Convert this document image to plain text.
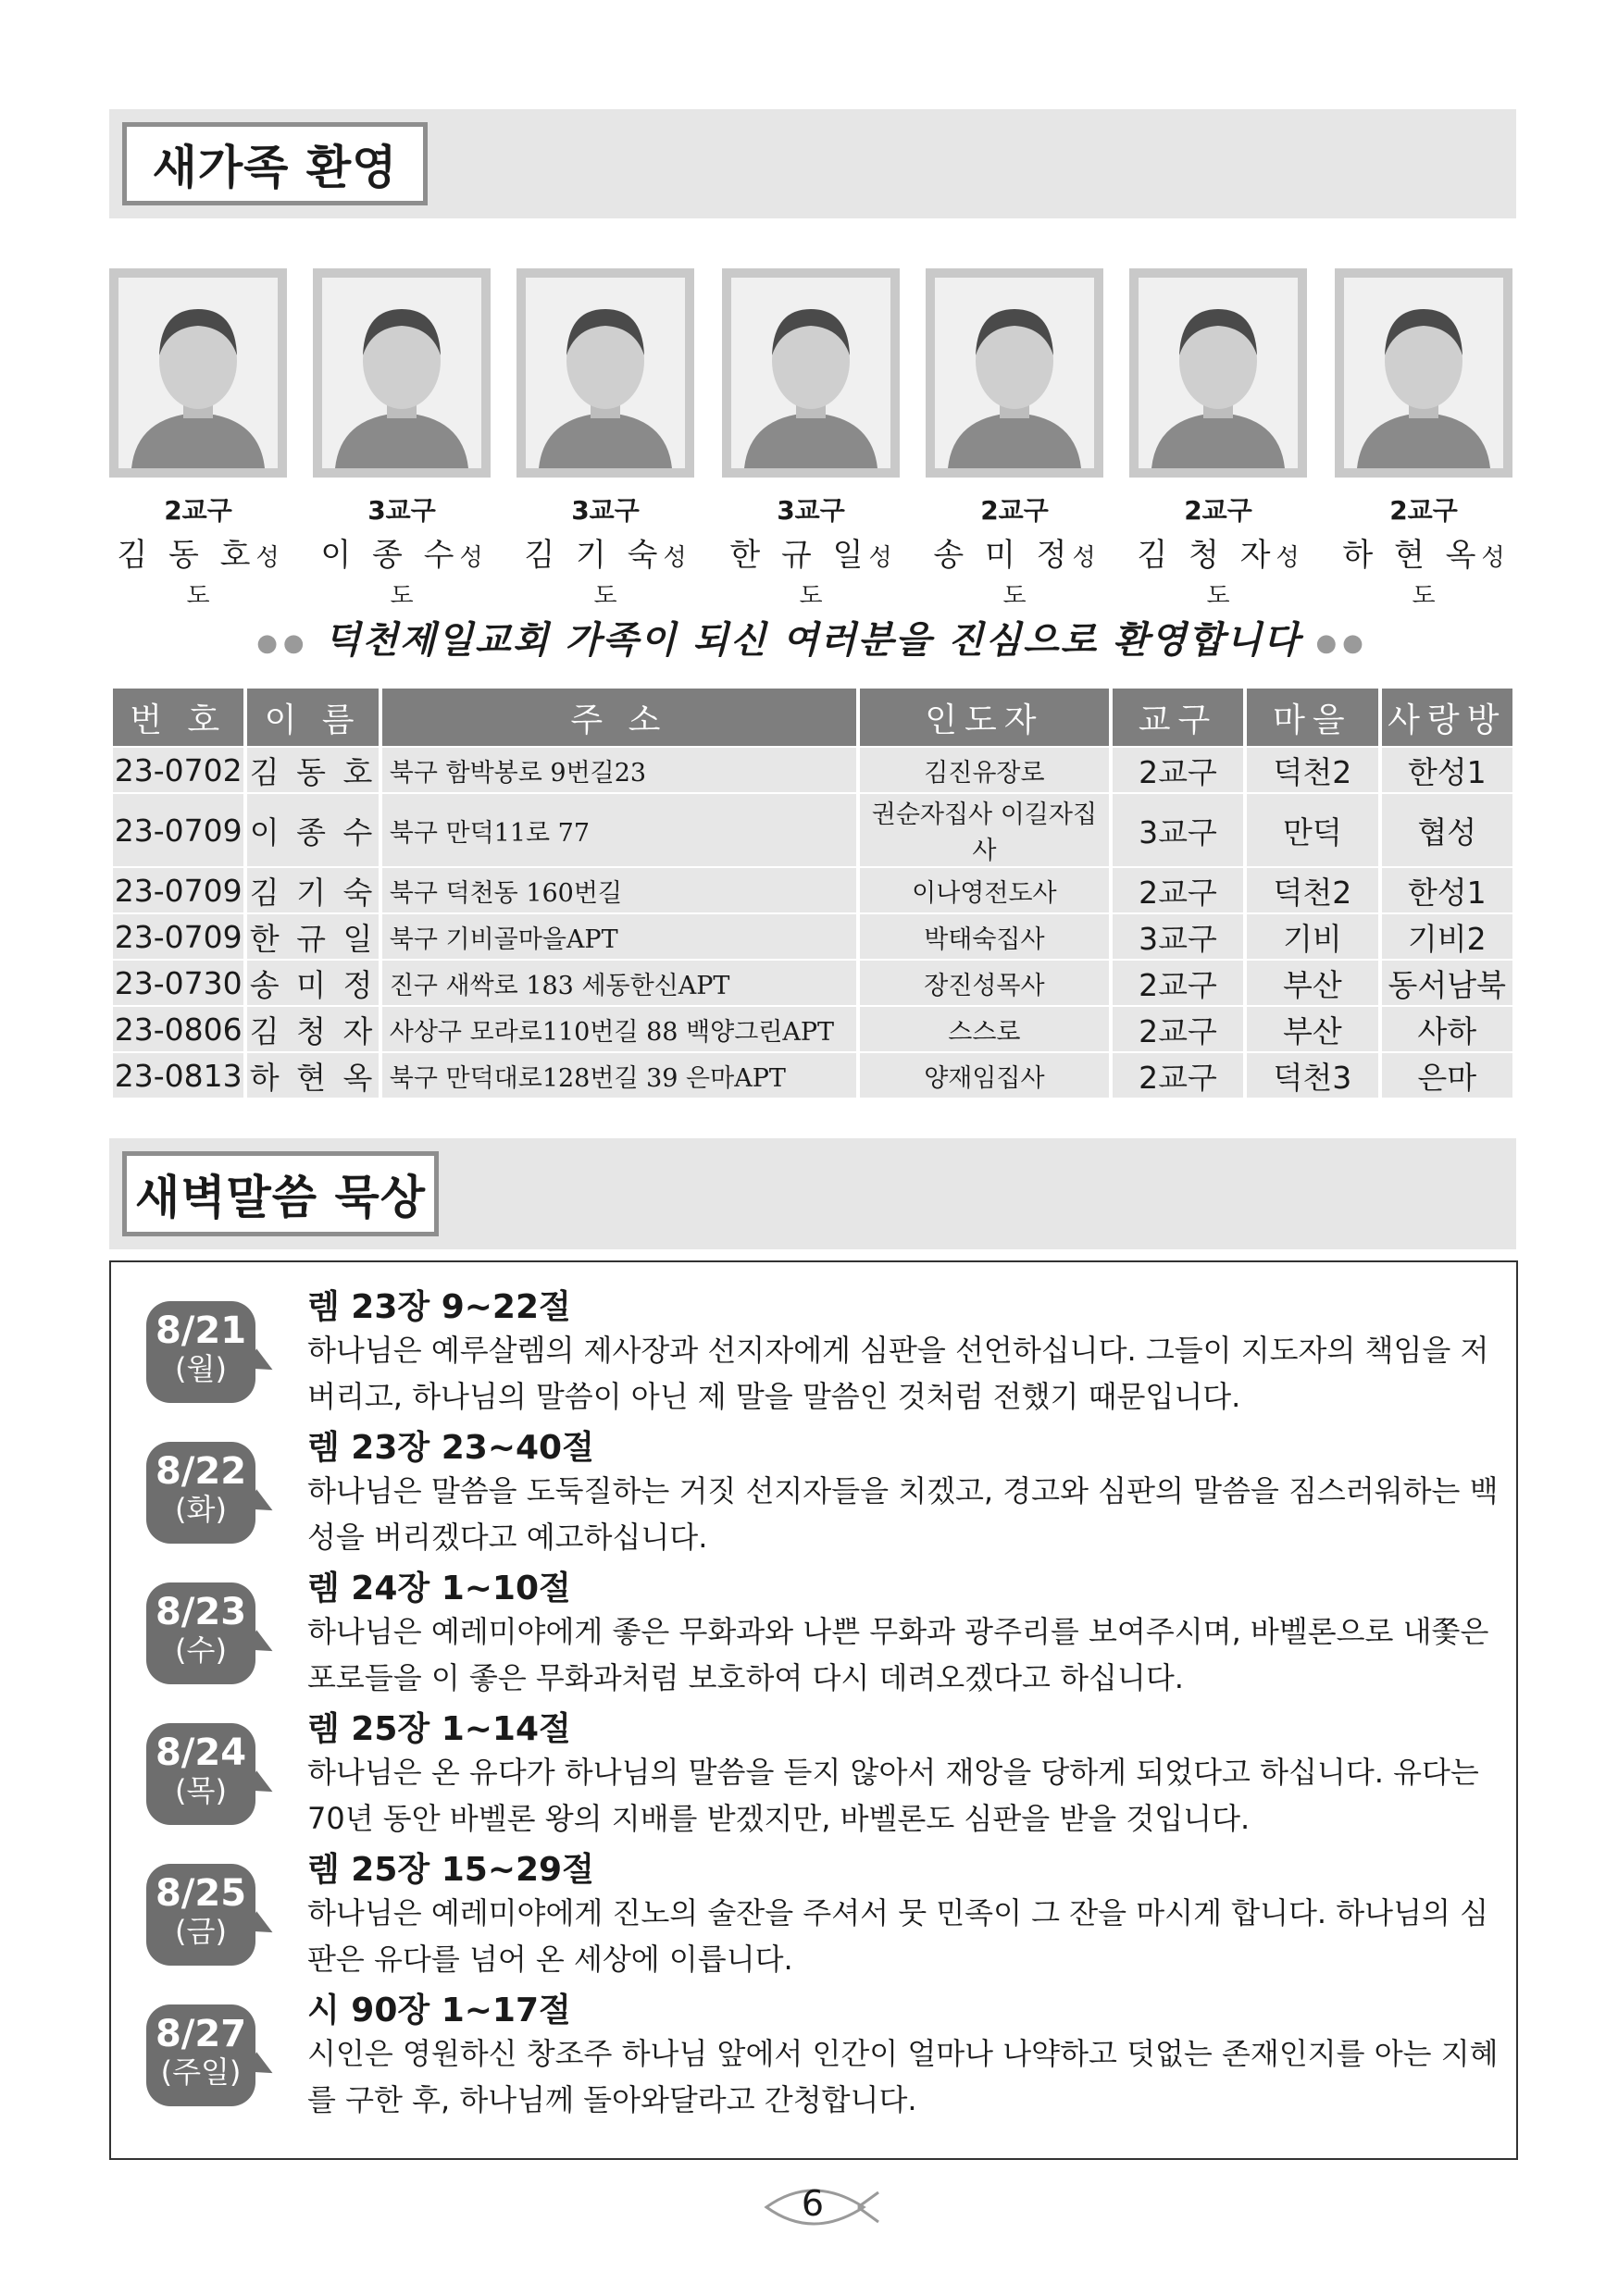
새가족 환영
2교구
김 동 호성도
3교구
이 종 수성도
3교구
김 기 숙성도
3교구
한 규 일성도
2교구
송 미 정성도
2교구
김 청 자성도
2교구
하 현 옥성도
●● 덕천제일교회 가족이 되신 여러분을 진심으로 환영합니다 ●●
번 호	이 름	주 소	인도자	교구	마을	사랑방
23-0702	김 동 호	북구 함박봉로 9번길23	김진유장로	2교구	덕천2	한성1
23-0709	이 종 수	북구 만덕11로 77	권순자집사 이길자집사	3교구	만덕	협성
23-0709	김 기 숙	북구 덕천동 160번길	이나영전도사	2교구	덕천2	한성1
23-0709	한 규 일	북구 기비골마을APT	박태숙집사	3교구	기비	기비2
23-0730	송 미 정	진구 새싹로 183 세동한신APT	장진성목사	2교구	부산	동서남북
23-0806	김 청 자	사상구 모라로110번길 88 백양그린APT	스스로	2교구	부산	사하
23-0813	하 현 옥	북구 만덕대로128번길 39 은마APT	양재임집사	2교구	덕천3	은마
새벽말씀 묵상
8/21
(월)
렘 23장 9~22절
하나님은 예루살렘의 제사장과 선지자에게 심판을 선언하십니다. 그들이 지도자의 책임을 저버리고, 하나님의 말씀이 아닌 제 말을 말씀인 것처럼 전했기 때문입니다.
8/22
(화)
렘 23장 23~40절
하나님은 말씀을 도둑질하는 거짓 선지자들을 치겠고, 경고와 심판의 말씀을 짐스러워하는 백성을 버리겠다고 예고하십니다.
8/23
(수)
렘 24장 1~10절
하나님은 예레미야에게 좋은 무화과와 나쁜 무화과 광주리를 보여주시며, 바벨론으로 내쫓은 포로들을 이 좋은 무화과처럼 보호하여 다시 데려오겠다고 하십니다.
8/24
(목)
렘 25장 1~14절
하나님은 온 유다가 하나님의 말씀을 듣지 않아서 재앙을 당하게 되었다고 하십니다. 유다는 70년 동안 바벨론 왕의 지배를 받겠지만, 바벨론도 심판을 받을 것입니다.
8/25
(금)
렘 25장 15~29절
하나님은 예레미야에게 진노의 술잔을 주셔서 뭇 민족이 그 잔을 마시게 합니다. 하나님의 심판은 유다를 넘어 온 세상에 이릅니다.
8/27
(주일)
시 90장 1~17절
시인은 영원하신 창조주 하나님 앞에서 인간이 얼마나 나약하고 덧없는 존재인지를 아는 지혜를 구한 후, 하나님께 돌아와달라고 간청합니다.
6
